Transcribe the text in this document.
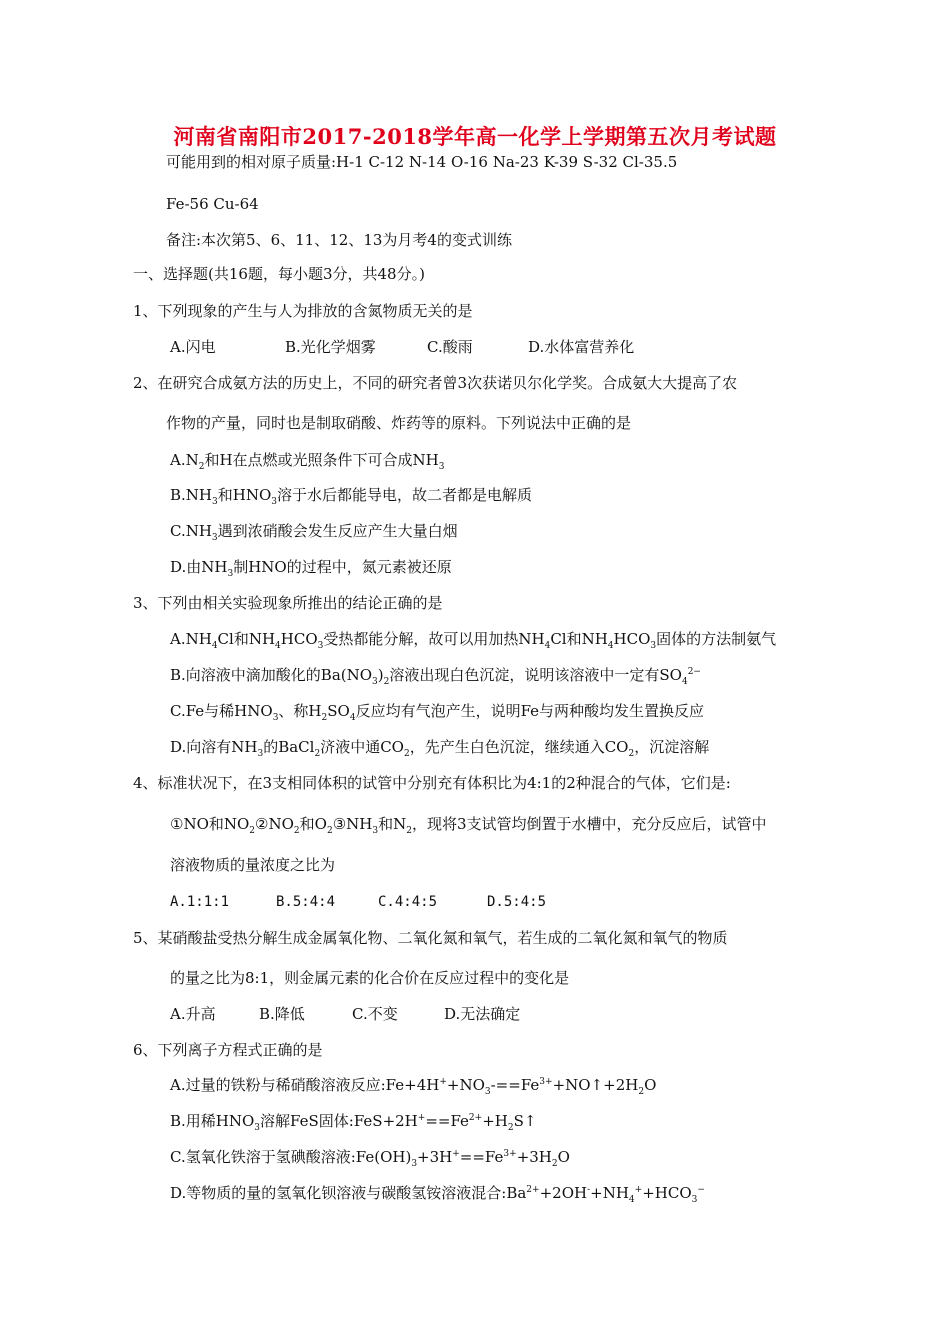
河南省南阳市2017-2018学年高一化学上学期第五次月考试题
可能用到的相对原子质量:H-1 C-12 N-14 O-16 Na-23 K-39 S-32 Cl-35.5
Fe-56 Cu-64
备注:本次第5、6、11、12、13为月考4的变式训练
一、选择题(共16题，每小题3分，共48分。)
1、下列现象的产生与人为排放的含氮物质无关的是
A.闪电	B.光化学烟雾	C.酸雨	D.水体富营养化
2、在研究合成氨方法的历史上，不同的研究者曾3次获诺贝尔化学奖。合成氨大大提高了农
作物的产量，同时也是制取硝酸、炸药等的原料。下列说法中正确的是
$A.N_2$和H在点燃或光照条件下可合成$NH_3$
$B.NH_3$和$HNO_3$溶于水后都能导电，故二者都是电解质
$C.NH_3$遇到浓硝酸会发生反应产生大量白烟
D.由$NH_3$制HNO的过程中，氮元素被还原
3、下列由相关实验现象所推出的结论正确的是
$A.NH_4Cl$和$NH_4HCO_3$受热都能分解，故可以用加热$NH_4Cl$和$NH_4HCO_3$固体的方法制氨气
B.向溶液中滴加酸化的$Ba(NO_3)_2$溶液出现白色沉淀，说明该溶液中一定有$SO_4^{2-}$
C.Fe与稀$HNO_3$、称$H_2SO_4$反应均有气泡产生，说明Fe与两种酸均发生置换反应
D.向溶有$NH_3$的BaCl$_2$济液中通$CO_2$，先产生白色沉淀，继续通入$CO_2$，沉淀溶解
4、标准状况下，在3支相同体积的试管中分别充有体积比为4:1的2种混合的气体，它们是:
①NO和$NO_2②NO_2$和$O_2③NH_3$和$N_2$，现将3支试管均倒置于水槽中，充分反应后，试管中
溶液物质的量浓度之比为
A.1:1:1	B.5:4:4	C.4:4:5	D.5:4:5
5、某硝酸盐受热分解生成金属氧化物、二氧化氮和氧气，若生成的二氧化氮和氧气的物质
的量之比为8:1，则金属元素的化合价在反应过程中的变化是
A.升高	B.降低	C.不变	D.无法确定
6、下列离子方程式正确的是
A.过量的铁粉与稀硝酸溶液反应$:Fe+4H^++NO_3-==Fe^{3+}+NO↑+2H_2O$
B.用稀$HNO_3$溶解FeS固体$:FeS+2H^+==Fe^{2+}+H_2S↑$
C.氢氧化铁溶于氢碘酸溶液$:Fe(OH)_3+3H^+==Fe^{3+}+3H_2O$
D.等物质的量的氢氧化钡溶液与碳酸氢铵溶液混合$:Ba^{2+}+2OH^-+NH_4^++HCO_3^-$
